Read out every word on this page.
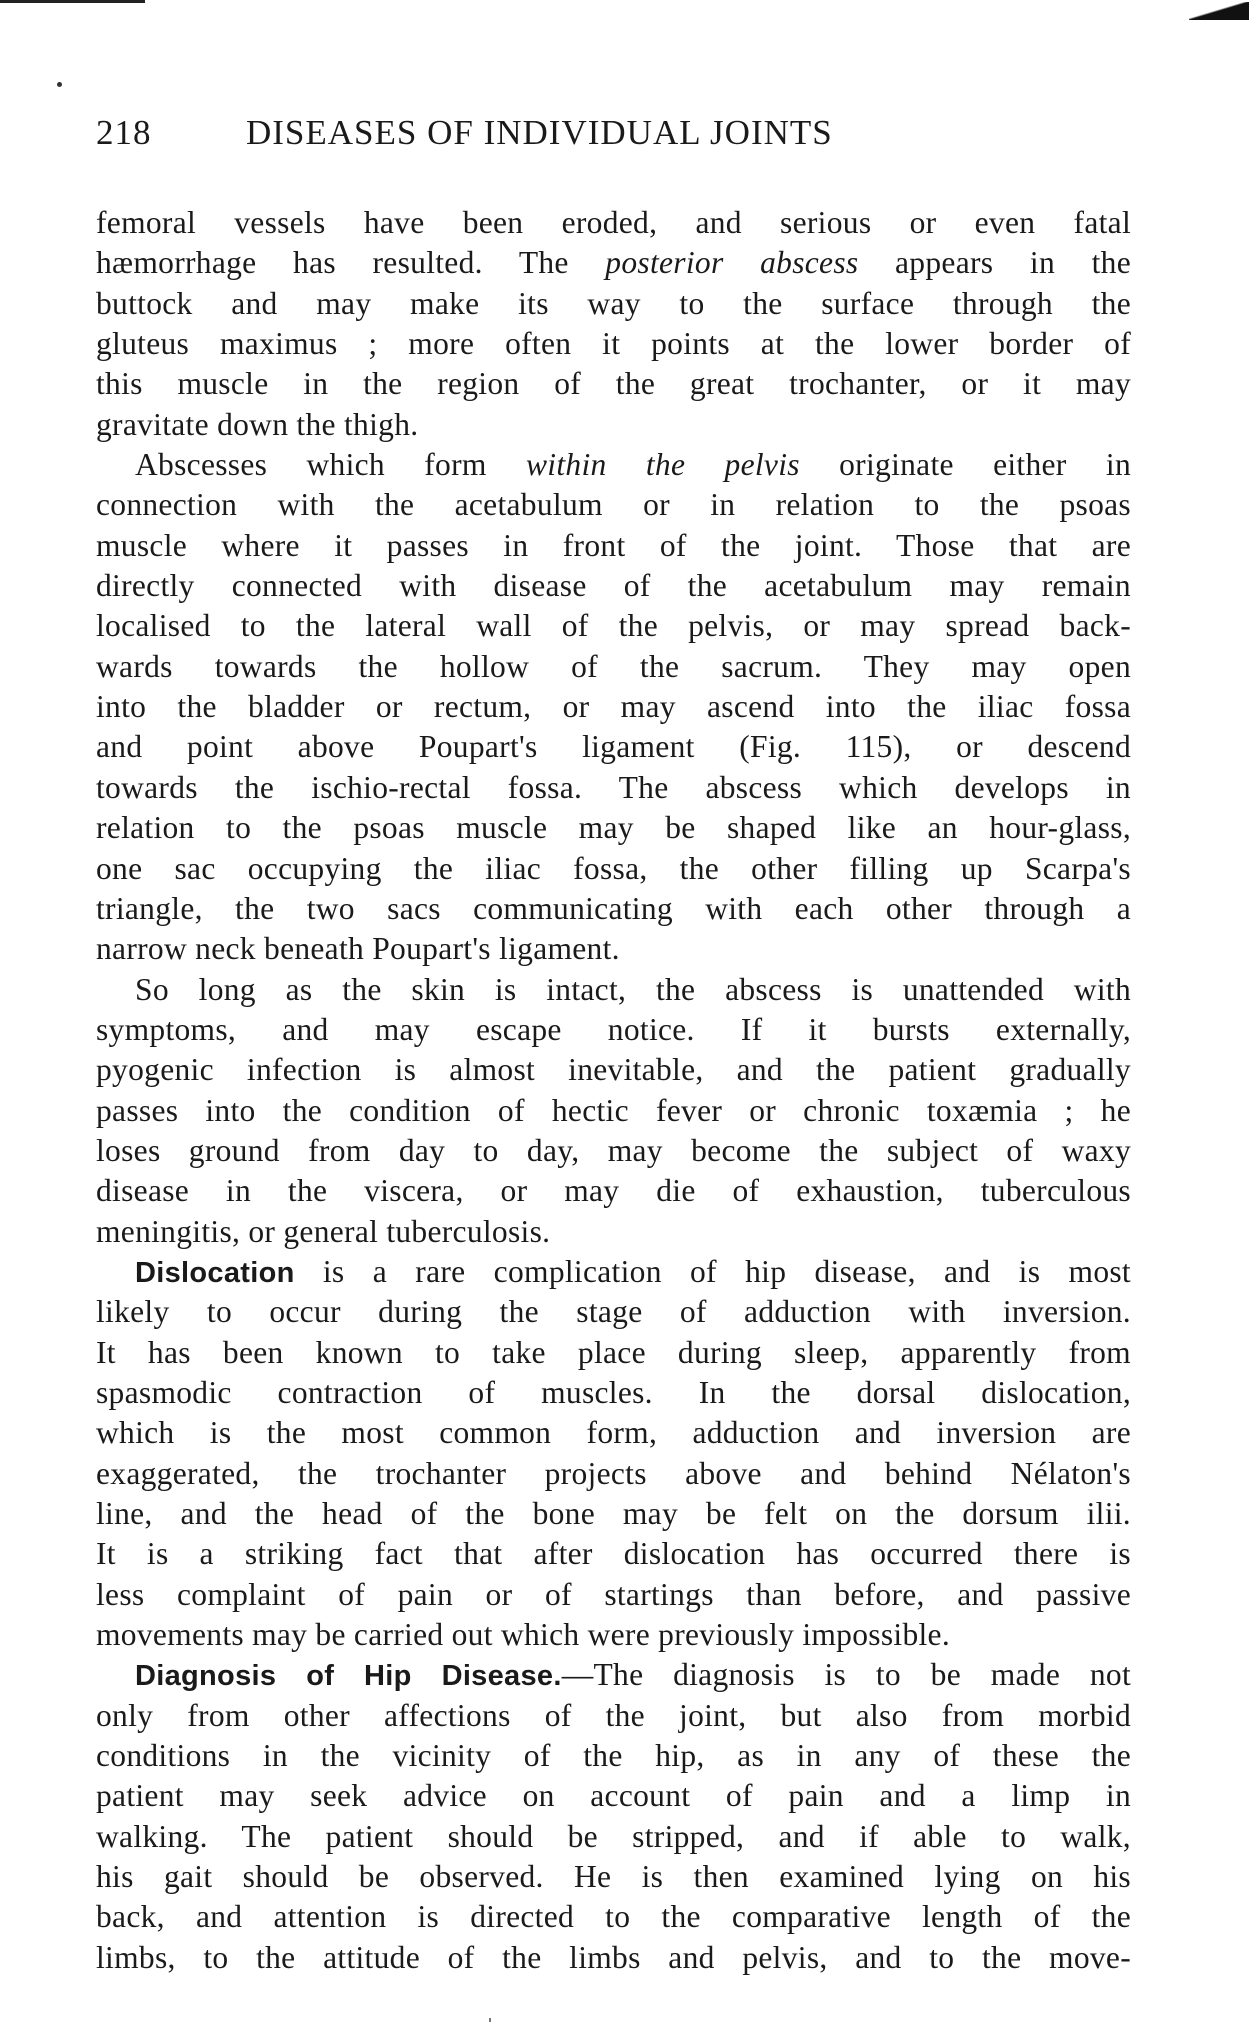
218	DISEASES OF INDIVIDUAL JOINTS
femoral vessels have been eroded, and serious or even fatal
hæmorrhage has resulted. The posterior abscess appears in the
buttock and may make its way to the surface through the
gluteus maximus ; more often it points at the lower border of
this muscle in the region of the great trochanter, or it may
gravitate down the thigh.
Abscesses which form within the pelvis originate either in
connection with the acetabulum or in relation to the psoas
muscle where it passes in front of the joint. Those that are
directly connected with disease of the acetabulum may remain
localised to the lateral wall of the pelvis, or may spread back-
wards towards the hollow of the sacrum. They may open
into the bladder or rectum, or may ascend into the iliac fossa
and point above Poupart's ligament (Fig. 115), or descend
towards the ischio-rectal fossa. The abscess which develops in
relation to the psoas muscle may be shaped like an hour-glass,
one sac occupying the iliac fossa, the other filling up Scarpa's
triangle, the two sacs communicating with each other through a
narrow neck beneath Poupart's ligament.
So long as the skin is intact, the abscess is unattended with
symptoms, and may escape notice. If it bursts externally,
pyogenic infection is almost inevitable, and the patient gradually
passes into the condition of hectic fever or chronic toxæmia ; he
loses ground from day to day, may become the subject of waxy
disease in the viscera, or may die of exhaustion, tuberculous
meningitis, or general tuberculosis.
Dislocation is a rare complication of hip disease, and is most
likely to occur during the stage of adduction with inversion.
It has been known to take place during sleep, apparently from
spasmodic contraction of muscles. In the dorsal dislocation,
which is the most common form, adduction and inversion are
exaggerated, the trochanter projects above and behind Nélaton's
line, and the head of the bone may be felt on the dorsum ilii.
It is a striking fact that after dislocation has occurred there is
less complaint of pain or of startings than before, and passive
movements may be carried out which were previously impossible.
Diagnosis of Hip Disease.—The diagnosis is to be made not
only from other affections of the joint, but also from morbid
conditions in the vicinity of the hip, as in any of these the
patient may seek advice on account of pain and a limp in
walking. The patient should be stripped, and if able to walk,
his gait should be observed. He is then examined lying on his
back, and attention is directed to the comparative length of the
limbs, to the attitude of the limbs and pelvis, and to the move-
